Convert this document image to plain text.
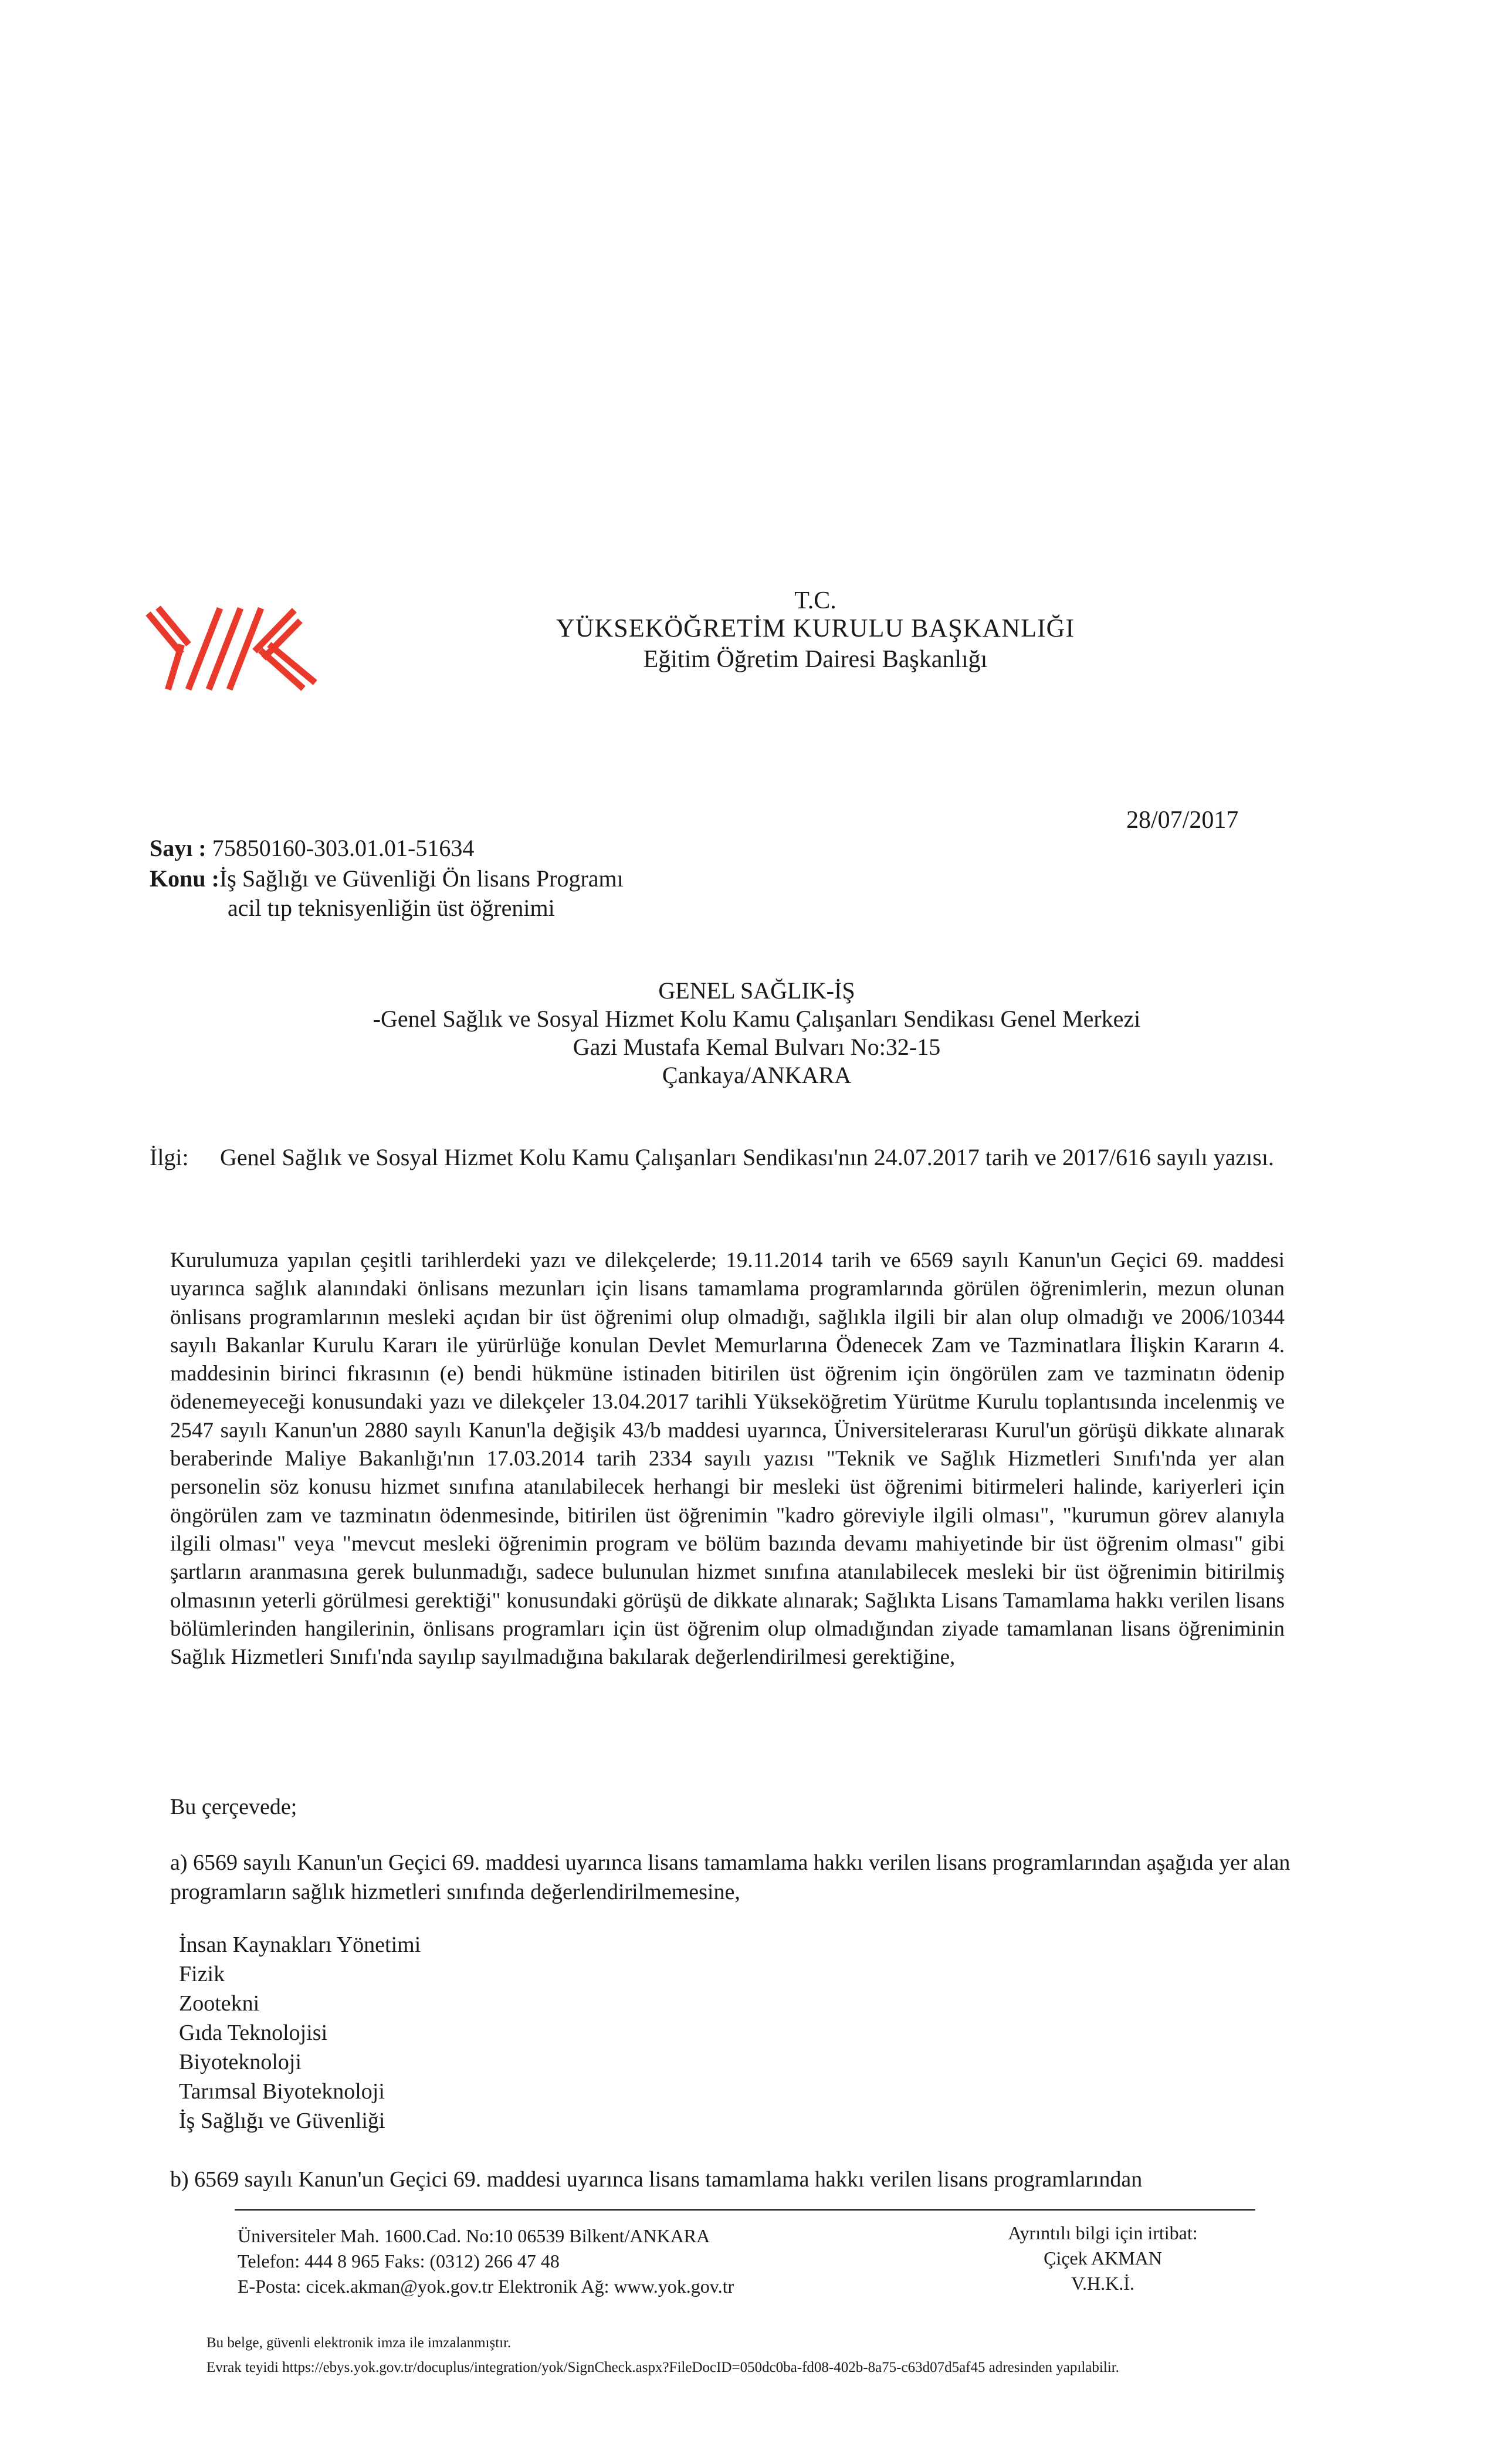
T.C.
YÜKSEKÖĞRETİM KURULU BAŞKANLIĞI
Eğitim Öğretim Dairesi Başkanlığı
28/07/2017
Sayı : 75850160-303.01.01-51634
Konu :İş Sağlığı ve Güvenliği Ön lisans Programı
acil tıp teknisyenliğin üst öğrenimi
GENEL SAĞLIK-İŞ
-Genel Sağlık ve Sosyal Hizmet Kolu Kamu Çalışanları Sendikası Genel Merkezi
Gazi Mustafa Kemal Bulvarı No:32-15
Çankaya/ANKARA
İlgi: Genel Sağlık ve Sosyal Hizmet Kolu Kamu Çalışanları Sendikası'nın 24.07.2017 tarih ve 2017/616 sayılı yazısı.
Kurulumuza yapılan çeşitli tarihlerdeki yazı ve dilekçelerde; 19.11.2014 tarih ve 6569 sayılı Kanun'un Geçici 69. maddesi uyarınca sağlık alanındaki önlisans mezunları için lisans tamamlama programlarında görülen öğrenimlerin, mezun olunan önlisans programlarının mesleki açıdan bir üst öğrenimi olup olmadığı, sağlıkla ilgili bir alan olup olmadığı ve 2006/10344 sayılı Bakanlar Kurulu Kararı ile yürürlüğe konulan Devlet Memurlarına Ödenecek Zam ve Tazminatlara İlişkin Kararın 4. maddesinin birinci fıkrasının (e) bendi hükmüne istinaden bitirilen üst öğrenim için öngörülen zam ve tazminatın ödenip ödenemeyeceği konusundaki yazı ve dilekçeler 13.04.2017 tarihli Yükseköğretim Yürütme Kurulu toplantısında incelenmiş ve 2547 sayılı Kanun'un 2880 sayılı Kanun'la değişik 43/b maddesi uyarınca, Üniversitelerarası Kurul'un görüşü dikkate alınarak beraberinde Maliye Bakanlığı'nın 17.03.2014 tarih 2334 sayılı yazısı "Teknik ve Sağlık Hizmetleri Sınıfı'nda yer alan personelin söz konusu hizmet sınıfına atanılabilecek herhangi bir mesleki üst öğrenimi bitirmeleri halinde, kariyerleri için öngörülen zam ve tazminatın ödenmesinde, bitirilen üst öğrenimin "kadro göreviyle ilgili olması", "kurumun görev alanıyla ilgili olması" veya "mevcut mesleki öğrenimin program ve bölüm bazında devamı mahiyetinde bir üst öğrenim olması" gibi şartların aranmasına gerek bulunmadığı, sadece bulunulan hizmet sınıfına atanılabilecek mesleki bir üst öğrenimin bitirilmiş olmasının yeterli görülmesi gerektiği" konusundaki görüşü de dikkate alınarak; Sağlıkta Lisans Tamamlama hakkı verilen lisans bölümlerinden hangilerinin, önlisans programları için üst öğrenim olup olmadığından ziyade tamamlanan lisans öğreniminin Sağlık Hizmetleri Sınıfı'nda sayılıp sayılmadığına bakılarak değerlendirilmesi gerektiğine,
Bu çerçevede;
a) 6569 sayılı Kanun'un Geçici 69. maddesi uyarınca lisans tamamlama hakkı verilen lisans programlarından aşağıda yer alan programların sağlık hizmetleri sınıfında değerlendirilmemesine,
İnsan Kaynakları Yönetimi
Fizik
Zootekni
Gıda Teknolojisi
Biyoteknoloji
Tarımsal Biyoteknoloji
İş Sağlığı ve Güvenliği
b) 6569 sayılı Kanun'un Geçici 69. maddesi uyarınca lisans tamamlama hakkı verilen lisans programlarından
Üniversiteler Mah. 1600.Cad. No:10 06539 Bilkent/ANKARA
Telefon: 444 8 965 Faks: (0312) 266 47 48
E-Posta: cicek.akman@yok.gov.tr Elektronik Ağ: www.yok.gov.tr
Ayrıntılı bilgi için irtibat:
Çiçek AKMAN
V.H.K.İ.
Bu belge, güvenli elektronik imza ile imzalanmıştır.
Evrak teyidi https://ebys.yok.gov.tr/docuplus/integration/yok/SignCheck.aspx?FileDocID=050dc0ba-fd08-402b-8a75-c63d07d5af45 adresinden yapılabilir.
